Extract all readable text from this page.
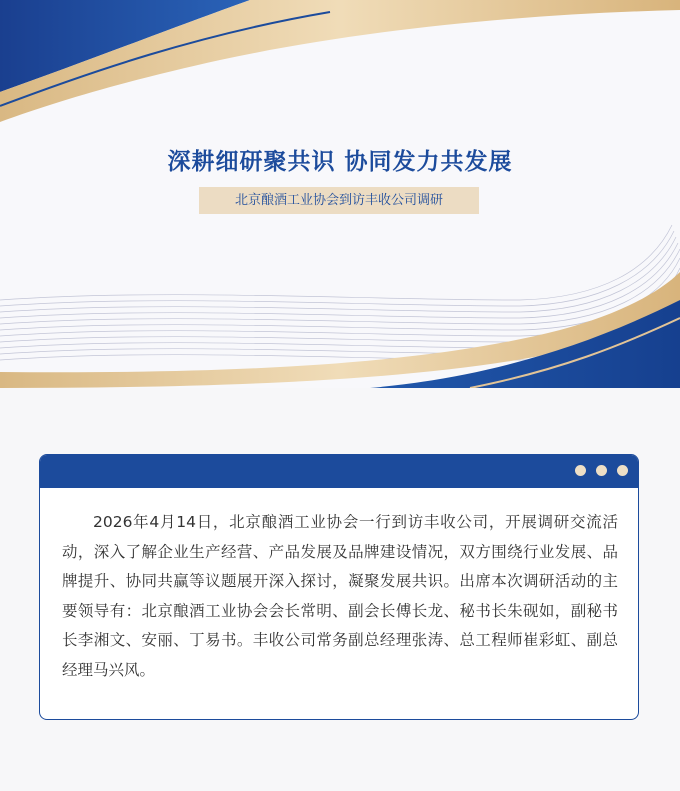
深耕细研聚共识 协同发力共发展
北京酿酒工业协会到访丰收公司调研
2026年4月14日，北京酿酒工业协会一行到访丰收公司，开展调研交流活动，深入了解企业生产经营、产品发展及品牌建设情况，双方围绕行业发展、品牌提升、协同共赢等议题展开深入探讨，凝聚发展共识。出席本次调研活动的主要领导有：北京酿酒工业协会会长常明、副会长傅长龙、秘书长朱砚如，副秘书长李湘文、安丽、丁易书。丰收公司常务副总经理张涛、总工程师崔彩虹、副总经理马兴风。
